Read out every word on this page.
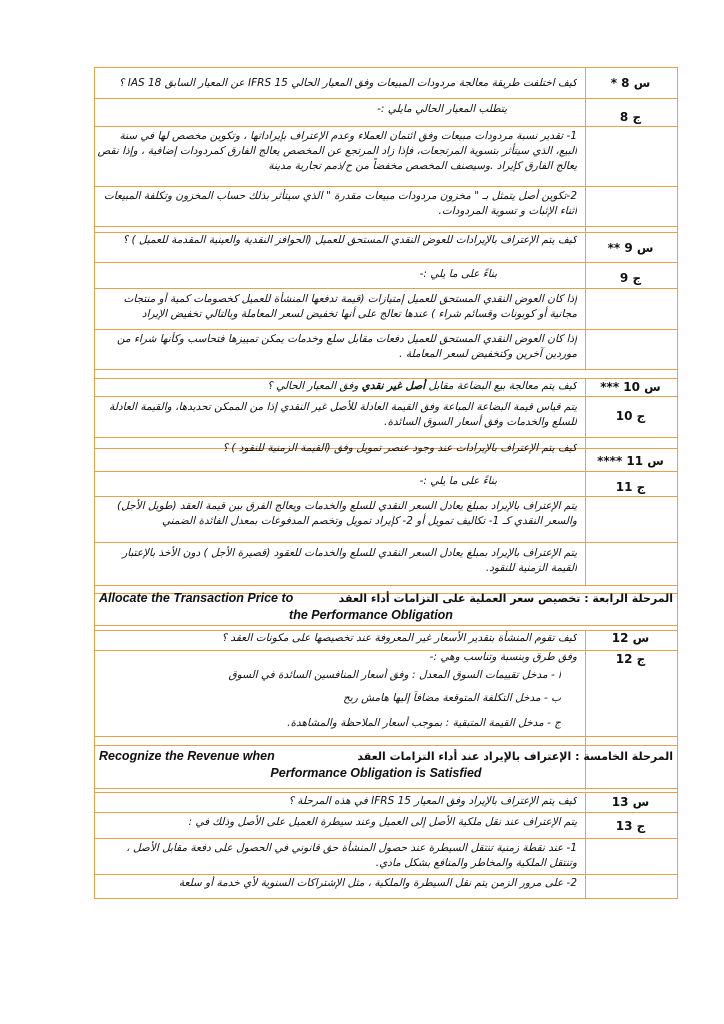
س 8 *
كيف اختلفت طريقة معالجة مردودات المبيعات وفق المعيار الحالي IFRS 15 عن المعيار السابق IAS 18 ؟
ج 8
يتطلب المعيار الحالي مايلي :-
1- تقدير نسبة مردودات مبيعات وفق ائتمان العملاء وعدم الإعتراف بإيراداتها ، وتكوين مخصص لها في سنة البيع، الذي سيتأثر بتسوية المرتجعات، فإذا زاد المرتجع عن المخصص يعالج الفارق كمردودات إضافية ، وإذا نقص يعالج الفارق كإيراد .وسيصنف المخصص مخفضاً من ح/ذمم تجارية مدينة
2-تكوين أصل يتمثل بـ " مخزون مردودات مبيعات مقدرة " الذي سيتأثر بذلك حساب المخزون وتكلفة المبيعات أثناء الإثبات و تسوية المردودات.
س 9 **
كيف يتم الإعتراف بالإيرادات للعوض النقدي المستحق للعميل (الحوافز النقدية والعينية المقدمة للعميل ) ؟
ج 9
بناءً على ما يلي :-
إذا كان العوض النقدي المستحق للعميل إمتيازات (قيمة تدفعها المنشأة للعميل كخصومات كمية أو منتجات مجانية أو كوبونات وقسائم شراء ) عندها تعالج على أنها تخفيض لسعر المعاملة وبالتالي تخفيض الإيراد
إذا كان العوض النقدي المستحق للعميل دفعات مقابل سلع وخدمات يمكن تمييزها فتحاسب وكأنها شراء من موردين آخرين وكتخفيض لسعر المعاملة .
س 10 ***
كيف يتم معالجة بيع البضاعة مقابل أصل غير نقدي وفق المعيار الحالي ؟
ج 10
يتم قياس قيمة البضاعة المباعة وفق القيمة العادلة للأصل غير النقدي إذا من الممكن تحديدها، والقيمة العادلة للسلع والخدمات وفق أسعار السوق السائدة.
س 11 ****
كيف يتم الإعتراف بالإيرادات عند وجود عنصر تمويل وفق (القيمة الزمنية للنقود ) ؟
ج 11
بناءً على ما يلي :-
يتم الإعتراف بالإيراد بمبلغ يعادل السعر النقدي للسلع والخدمات ويعالج الفرق بين قيمة العقد (طويل الأجل) والسعر النقدي كـ 1- تكاليف تمويل أو 2- كإيراد تمويل وتخصم المدفوعات بمعدل الفائدة الضمني
يتم الإعتراف بالإيراد بمبلغ يعادل السعر النقدي للسلع والخدمات للعقود (قصيرة الأجل ) دون الأخذ بالإعتبار القيمة الزمنية للنقود.
المرحلة الرابعة : تخصيص سعر العملية على التزامات أداء العقد
Allocate the Transaction Price to
the Performance Obligation
س 12
كيف تقوم المنشأة بتقدير الأسعار غير المعروفة عند تخصيصها على مكونات العقد ؟
ج 12
وفق طرق وبنسبة وتناسب وهي :-
أ - مدخل تقييمات السوق المعدل : وفق أسعار المنافسين السائدة في السوق
ب - مدخل التكلفة المتوقعة مضافاً إليها هامش ربح
ج - مدخل القيمة المتبقية : بموجب أسعار الملاحظة والمشاهدة.
المرحلة الخامسة : الإعتراف بالإيراد عند أداء التزامات العقد
Recognize the Revenue when
Performance Obligation is Satisfied
س 13
كيف يتم الإعتراف بالإيراد وفق المعيار IFRS 15 في هذه المرحلة ؟
ج 13
يتم الإعتراف عند نقل ملكية الأصل إلى العميل وعند سيطرة العميل على الأصل وذلك في :
1- عند نقطة زمنية تنتقل السيطرة عند حصول المنشأة حق قانوني في الحصول على دفعة مقابل الأصل ، وتنتقل الملكية والمخاطر والمنافع بشكل مادي.
2- على مرور الزمن يتم نقل السيطرة والملكية ، مثل الإشتراكات السنوية لأي خدمة أو سلعة
